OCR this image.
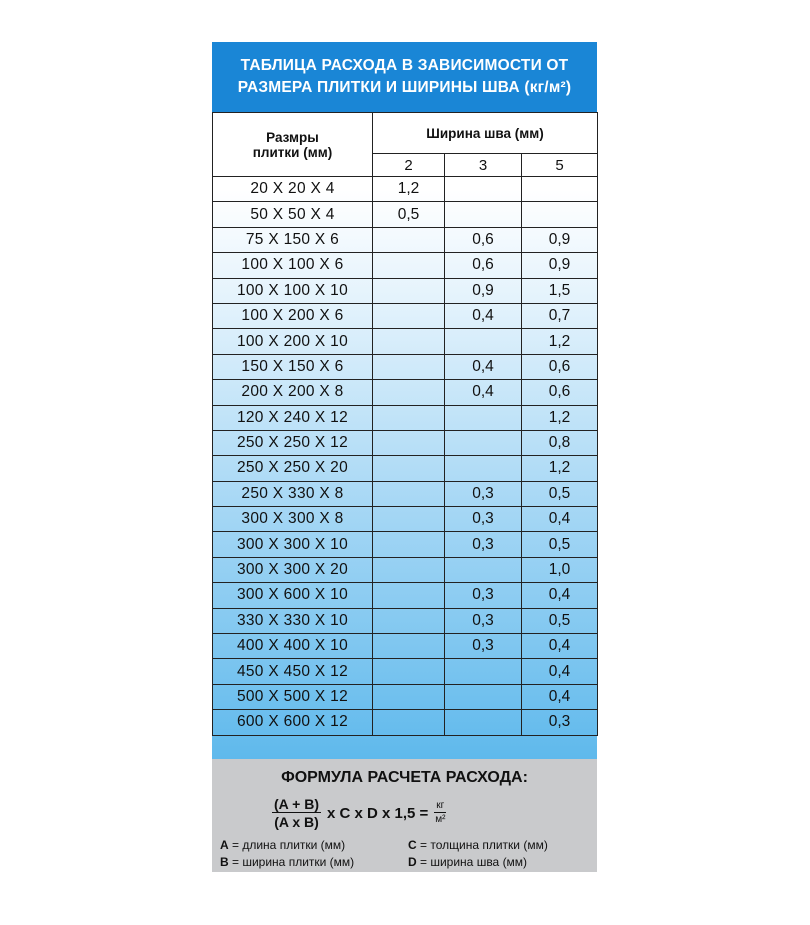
ТАБЛИЦА РАСХОДА В ЗАВИСИМОСТИ ОТ
РАЗМЕРА ПЛИТКИ И ШИРИНЫ ШВА (кг/м²)
Размры
плитки (мм)	Ширина шва (мм)		
	2	3	5
20 X 20 X 4	1,2		
50 X 50 X 4	0,5		
75 X 150 X 6		0,6	0,9
100 X 100 X 6		0,6	0,9
100 X 100 X 10		0,9	1,5
100 X 200 X 6		0,4	0,7
100 X 200 X 10			1,2
150 X 150 X 6		0,4	0,6
200 X 200 X 8		0,4	0,6
120 X 240 X 12			1,2
250 X 250 X 12			0,8
250 X 250 X 20			1,2
250 X 330 X 8		0,3	0,5
300 X 300 X 8		0,3	0,4
300 X 300 X 10		0,3	0,5
300 X 300 X 20			1,0
300 X 600 X 10		0,3	0,4
330 X 330 X 10		0,3	0,5
400 X 400 X 10		0,3	0,4
450 X 450 X 12			0,4
500 X 500 X 12			0,4
600 X 600 X 12			0,3
ФОРМУЛА РАСЧЕТА РАСХОДА:
$\frac{(A + B)}{\text{(A x B)}}$ x C x D x $1,5 = \frac{кг}{\text{м²}}$
A = длина плитки (мм)	C = толщина плитки (мм)
B = ширина плитки (мм)	D = ширина шва (мм)
